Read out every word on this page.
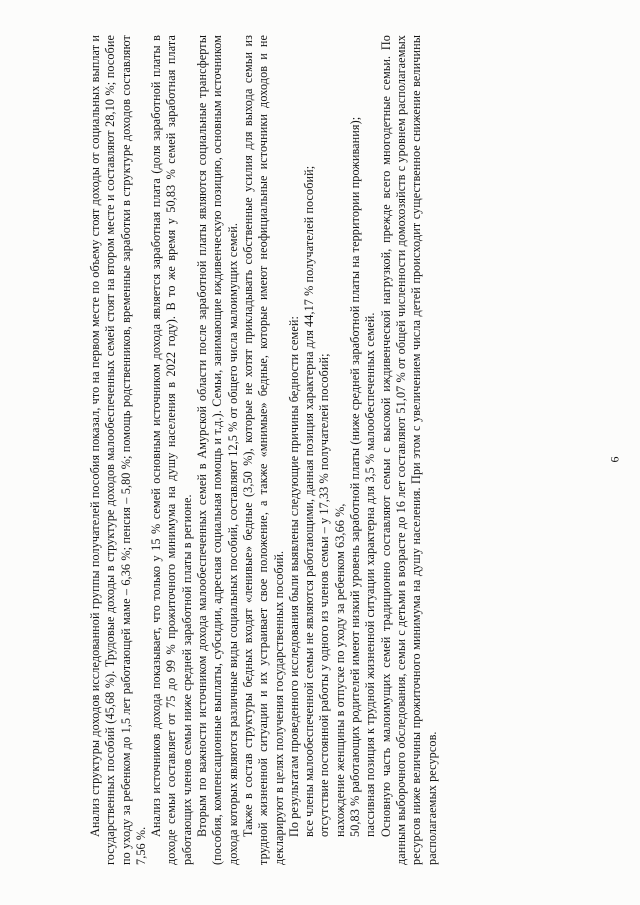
6

Анализ структуры доходов исследованной группы получателей пособия показал, что на первом месте по объему стоят доходы от социальных выплат и государственных пособий (45,68 %). Трудовые доходы в структуре доходов малообеспеченных семей стоят на втором месте и составляют 28,10 %; пособие по уходу за ребенком до 1,5 лет работающей маме – 6,36 %; пенсия – 5,80 %; помощь родственников, временные заработки в структуре доходов составляют 7,56 %.

Анализ источников дохода показывает, что только у 15 % семей основным источником дохода является заработная плата (доля заработной платы в доходе семьи составляет от 75 до 99 % прожиточного минимума на душу населения в 2022 году). В то же время у 50,83 % семей заработная плата работающих членов семьи ниже средней заработной платы в регионе. Вторым по важности источником дохода малообеспеченных семей в Амурской области после заработной платы являются социальные трансферты (пособия, компенсационные выплаты, субсидии, адресная социальная помощь и т.д.). Семьи, занимающие иждивенческую позицию, основным источником дохода которых являются различные виды социальных пособий, составляют 12,5 % от общего числа малоимущих семей. Также в состав структуры бедных входят «ленивые» бедные (3,50 %), которые не хотят прикладывать собственные усилия для выхода семьи из трудной жизненной ситуации и их устраивает свое положение, а также «мнимые» бедные, которые имеют неофициальные источники доходов и не декларируют в целях получения государственных пособий. По результатам проведенного исследования были выявлены следующие причины бедности семей: все члены малообеспеченной семьи не являются работающими, данная позиция характерна для 44,17 % получателей пособий; отсутствие постоянной работы у одного из членов семьи – у 17,33 % получателей пособий; нахождение женщины в отпуске по уходу за ребенком 63,66 %, 50,83 % работающих родителей имеют низкий уровень заработной платы (ниже средней заработной платы на территории проживания); пассивная позиция к трудной жизненной ситуации характерна для 3,5 % малообеспеченных семей. Основную часть малоимущих семей традиционно составляют семьи с высокой иждивенческой нагрузкой, прежде всего многодетные семьи. По данным выборочного обследования, семьи с детьми в возрасте до 16 лет составляют 51,07 % от общей численности домохозяйств с уровнем располагаемых ресурсов ниже величины прожиточного минимума на душу населения. При этом с увеличением числа детей происходит существенное снижение величины располагаемых ресурсов.
